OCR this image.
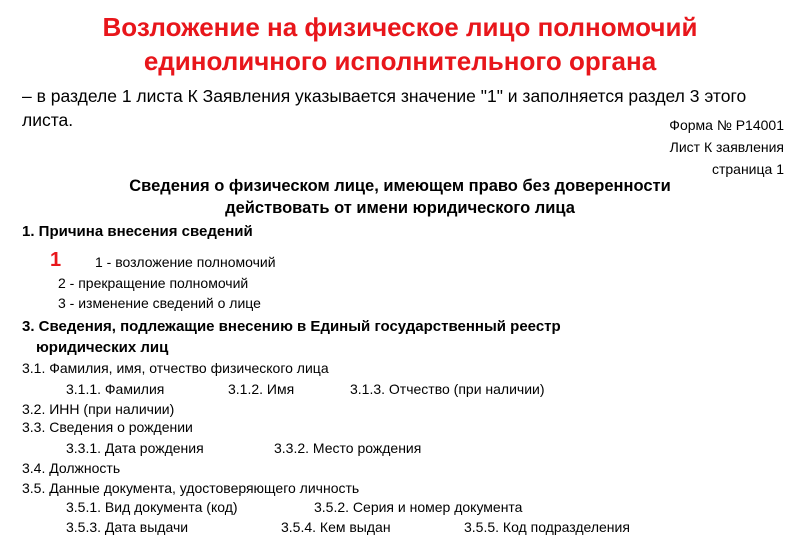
Возложение на физическое лицо полномочий
единоличного исполнительного органа
– в разделе 1 листа К Заявления указывается значение "1" и заполняется раздел 3 этого листа.	Форма № Р14001
Лист К заявления
страница 1
Сведения о физическом лице, имеющем право без доверенности
действовать от имени юридического лица
1. Причина внесения сведений
1 1 - возложение полномочий
2 - прекращение полномочий
3 - изменение сведений о лице
3. Сведения, подлежащие внесению в Единый государственный реестр
юридических лиц
3.1. Фамилия, имя, отчество физического лица
3.1.1. Фамилия	3.1.2. Имя	3.1.3. Отчество (при наличии)
3.2. ИНН (при наличии)
3.3. Сведения о рождении
3.3.1. Дата рождения	3.3.2. Место рождения
3.4. Должность
3.5. Данные документа, удостоверяющего личность
3.5.1. Вид документа (код)	3.5.2. Серия и номер документа
3.5.3. Дата выдачи	3.5.4. Кем выдан	3.5.5. Код подразделения
